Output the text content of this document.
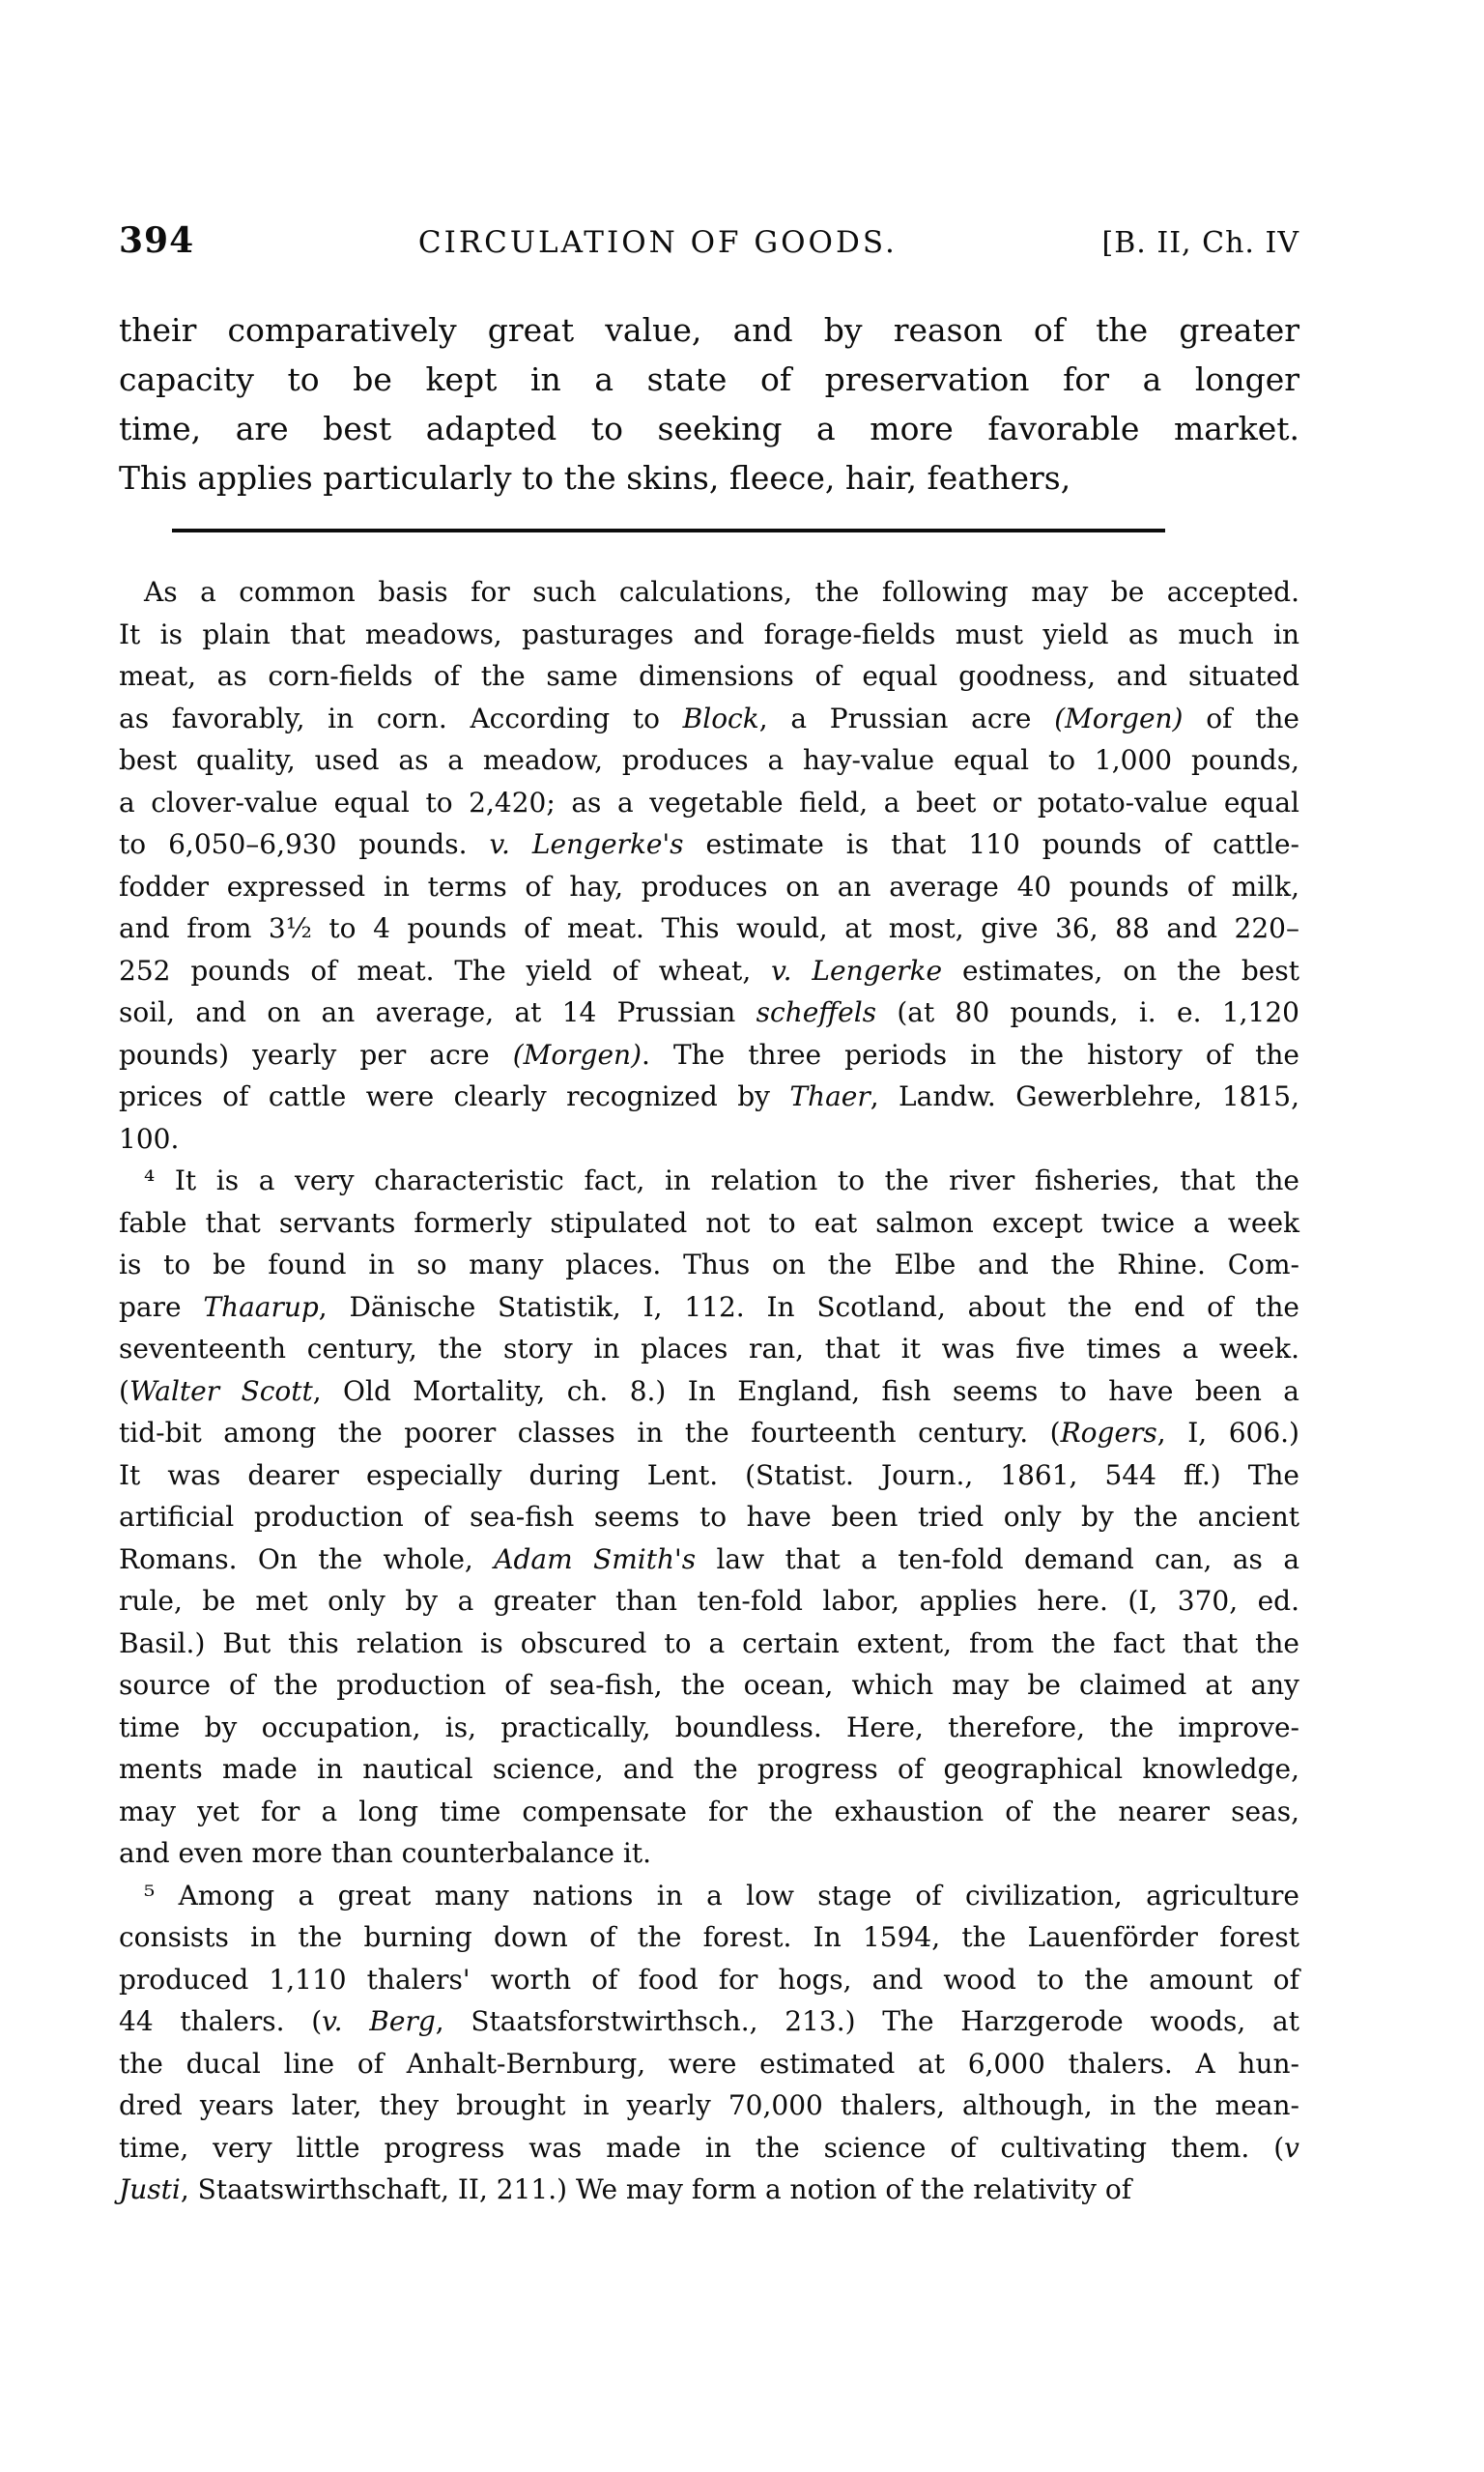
394	CIRCULATION OF GOODS.	[B. II, Ch. IV
their comparatively great value, and by reason of the greater
capacity to be kept in a state of preservation for a longer
time, are best adapted to seeking a more favorable market.
This applies particularly to the skins, fleece, hair, feathers,
As a common basis for such calculations, the following may be accepted.
It is plain that meadows, pasturages and forage-fields must yield as much in
meat, as corn-fields of the same dimensions of equal goodness, and situated
as favorably, in corn. According to Block, a Prussian acre (Morgen) of the
best quality, used as a meadow, produces a hay-value equal to 1,000 pounds,
a clover-value equal to 2,420; as a vegetable field, a beet or potato-value equal
to 6,050–6,930 pounds. v. Lengerke's estimate is that 110 pounds of cattle-
fodder expressed in terms of hay, produces on an average 40 pounds of milk,
and from 3½ to 4 pounds of meat. This would, at most, give 36, 88 and 220–
252 pounds of meat. The yield of wheat, v. Lengerke estimates, on the best
soil, and on an average, at 14 Prussian scheffels (at 80 pounds, i. e. 1,120
pounds) yearly per acre (Morgen). The three periods in the history of the
prices of cattle were clearly recognized by Thaer, Landw. Gewerblehre, 1815,
100.
⁴ It is a very characteristic fact, in relation to the river fisheries, that the
fable that servants formerly stipulated not to eat salmon except twice a week
is to be found in so many places. Thus on the Elbe and the Rhine. Com-
pare Thaarup, Dänische Statistik, I, 112. In Scotland, about the end of the
seventeenth century, the story in places ran, that it was five times a week.
(Walter Scott, Old Mortality, ch. 8.) In England, fish seems to have been a
tid-bit among the poorer classes in the fourteenth century. (Rogers, I, 606.)
It was dearer especially during Lent. (Statist. Journ., 1861, 544 ff.) The
artificial production of sea-fish seems to have been tried only by the ancient
Romans. On the whole, Adam Smith's law that a ten-fold demand can, as a
rule, be met only by a greater than ten-fold labor, applies here. (I, 370, ed.
Basil.) But this relation is obscured to a certain extent, from the fact that the
source of the production of sea-fish, the ocean, which may be claimed at any
time by occupation, is, practically, boundless. Here, therefore, the improve-
ments made in nautical science, and the progress of geographical knowledge,
may yet for a long time compensate for the exhaustion of the nearer seas,
and even more than counterbalance it.
⁵ Among a great many nations in a low stage of civilization, agriculture
consists in the burning down of the forest. In 1594, the Lauenförder forest
produced 1,110 thalers' worth of food for hogs, and wood to the amount of
44 thalers. (v. Berg, Staatsforstwirthsch., 213.) The Harzgerode woods, at
the ducal line of Anhalt-Bernburg, were estimated at 6,000 thalers. A hun-
dred years later, they brought in yearly 70,000 thalers, although, in the mean-
time, very little progress was made in the science of cultivating them. (v
Justi, Staatswirthschaft, II, 211.) We may form a notion of the relativity of
